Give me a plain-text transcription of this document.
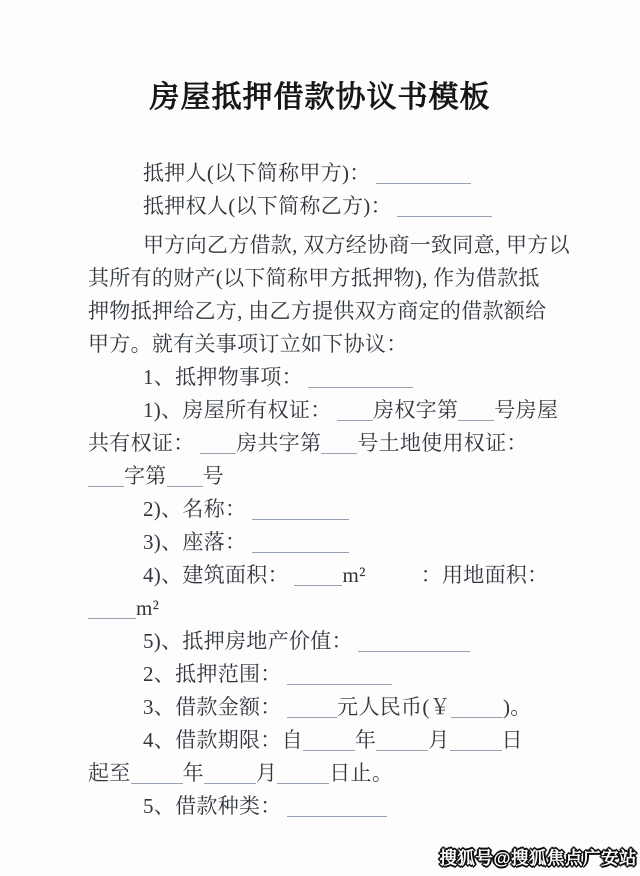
房屋抵押借款协议书模板
抵押人(以下简称甲方)：
抵押权人(以下简称乙方)：
甲方向乙方借款, 双方经协商一致同意, 甲方以
其所有的财产(以下简称甲方抵押物), 作为借款抵
押物抵押给乙方, 由乙方提供双方商定的借款额给
甲方。就有关事项订立如下协议：
1、抵押物事项：
1)、房屋所有权证： 房权字第 号房屋
共有权证： 房共字第 号土地使用权证：
字第 号
2)、名称：
3)、座落：
4)、建筑面积： m²	：用地面积：
m²
5)、抵押房地产价值：
2、抵押范围：
3、借款金额： 元人民币(￥ )。
4、借款期限：自 年 月 日
起至 年 月 日止。
5、借款种类：
搜狐号@搜狐焦点广安站
